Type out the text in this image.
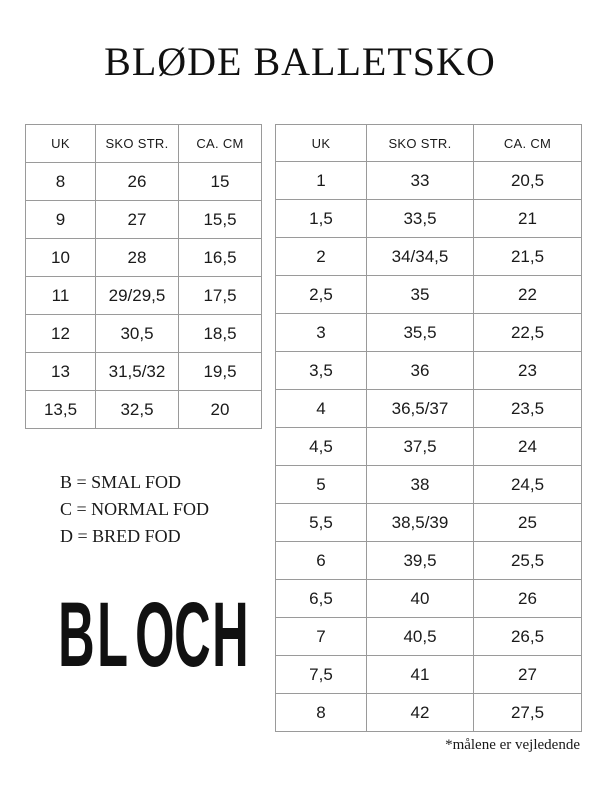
BLØDE BALLETSKO
UK	SKO STR.	CA. CM
8	26	15
9	27	15,5
10	28	16,5
11	29/29,5	17,5
12	30,5	18,5
13	31,5/32	19,5
13,5	32,5	20
UK	SKO STR.	CA. CM
1	33	20,5
1,5	33,5	21
2	34/34,5	21,5
2,5	35	22
3	35,5	22,5
3,5	36	23
4	36,5/37	23,5
4,5	37,5	24
5	38	24,5
5,5	38,5/39	25
6	39,5	25,5
6,5	40	26
7	40,5	26,5
7,5	41	27
8	42	27,5
B = SMAL FOD
C = NORMAL FOD
D = BRED FOD
B L O C H
*målene er vejledende
